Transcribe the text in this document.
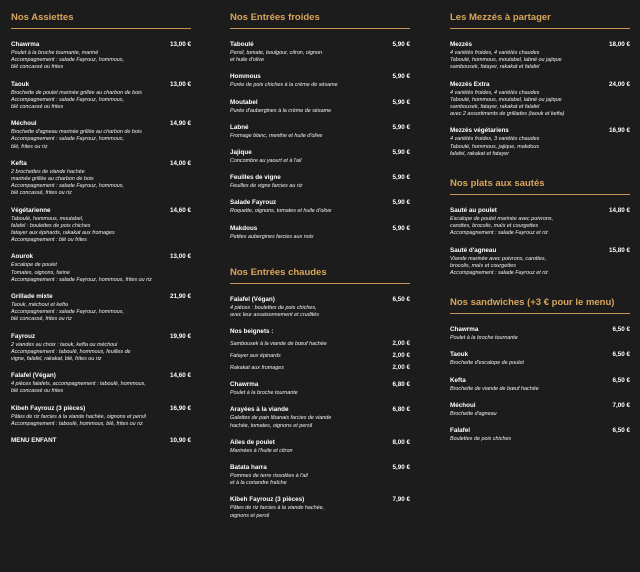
Nos Assiettes
Chawrma	13,00 €
Poulet à la broche tournante, mariné
Accompagnement : salade Fayrouz, hommous,
blé concassé ou frites
Taouk	13,00 €
Brochette de poulet marinée grillée au charbon de bois
Accompagnement : salade Fayrouz, hommous,
blé concassé ou frites
Méchoui	14,90 €
Brochette d'agneau marinée grillée au charbon de bois
Accompagnement : salade Fayrouz, hommous,
blé, frites ou riz
Kefta	14,00 €
2 brochettes de viande hachée
marinée grillée au charbon de bois
Accompagnement : salade Fayrouz, hommous,
blé concassé, frites ou riz
Végétarienne	14,60 €
Taboulé, hommous, moutabel,
falafel : boulettes de pois chiches
fatayer aux épinards, rakakat aux fromages
Accompagnement : blé ou frites
Aourok	13,00 €
Escalope de poulet
Tomates, oignons, farine
Accompagnement : salade Fayrouz, hommous, frites ou riz
Grillade mixte	21,90 €
Taouk, méchoui et kefta
Accompagnement : salade Fayrouz, hommous,
blé concassé, frites ou riz
Fayrouz	19,90 €
2 viandes au choix : taouk, kefta ou méchoui
Accompagnement : taboulé, hommous, feuilles de
vigne, falafel, rakakat, blé, frites ou riz
Falafel (Végan)	14,60 €
4 pièces falafels, accompagnement : taboulé, hommous,
blé concassé ou frites
Kibeh Fayrouz (3 pièces)	16,90 €
Pâtes de riz farcies à la viande hachée, oignons et persil
Accompagnement : taboulé, hommous, blé, frites ou riz
MENU ENFANT	10,90 €
Nos Entrées froides
Taboulé	5,90 €
Persil, tomate, boulgour, citron, oignon
et huile d'olive
Hommous	5,90 €
Purée de pois chiches à la crème de sésame
Moutabel	5,90 €
Purée d'aubergines à la crème de sésame
Labné	5,90 €
Fromage blanc, menthe et huile d'olive
Jajique	5,90 €
Concombre au yaourt et à l'ail
Feuilles de vigne	5,90 €
Feuilles de vigne farcies au riz
Salade Fayrouz	5,90 €
Roquette, oignons, tomates et huile d'olive
Makdous	5,90 €
Petites aubergines farcies aux noix
Nos Entrées chaudes
Falafel (Végan)	6,50 €
4 pièces : boulettes de pois chiches,
avec leur assaisonnement et crudités
Nos beignets :
Sambousek à la viande de bœuf hachée	2,00 €
Fatayer aux épinards	2,00 €
Rakakat aux fromages	2,00 €
Chawrma	6,80 €
Poulet à la broche tournante
Arayées à la viande	6,80 €
Galettes de pain libanais farcies de viande
hachée, tomates, oignons et persil
Ailes de poulet	8,00 €
Marinées à l'huile et citron
Batata harra	5,90 €
Pommes de terre rissolées à l'ail
et à la coriandre fraîche
Kibeh Fayrouz (3 pièces)	7,90 €
Pâtes de riz farcies à la viande hachée,
oignons et persil
Les Mezzés à partager
Mezzés	18,00 €
4 variétés froides, 4 variétés chaudes
Taboulé, hommous, moutabel, labné ou jajique
sambousek, fatayer, rakakat et falafel
Mezzés Extra	24,00 €
4 variétés froides, 4 variétés chaudes
Taboulé, hommous, moutabel, labné ou jajique
sambousek, fatayer, rakakat et falafel
avec 2 assortiments de grillades (taouk et kefta)
Mezzés végétariens	16,90 €
4 variétés froides, 3 variétés chaudes
Taboulé, hommous, jajique, makdous
falafel, rakakat et fatayer
Nos plats aux sautés
Sauté au poulet	14,80 €
Escalope de poulet marinée avec poivrons,
carottes, brocolis, maïs et courgettes
Accompagnement : salade Fayrouz et riz
Sauté d'agneau	15,80 €
Viande marinée avec poivrons, carottes,
brocolis, maïs et courgettes
Accompagnement : salade Fayrouz et riz
Nos sandwiches (+3 € pour le menu)
Chawrma	6,50 €
Poulet à la broche tournante
Taouk	6,50 €
Brochette d'escalope de poulet
Kefta	6,50 €
Brochette de viande de bœuf hachée
Méchoui	7,00 €
Brochette d'agneau
Falafel	6,50 €
Boulettes de pois chiches
